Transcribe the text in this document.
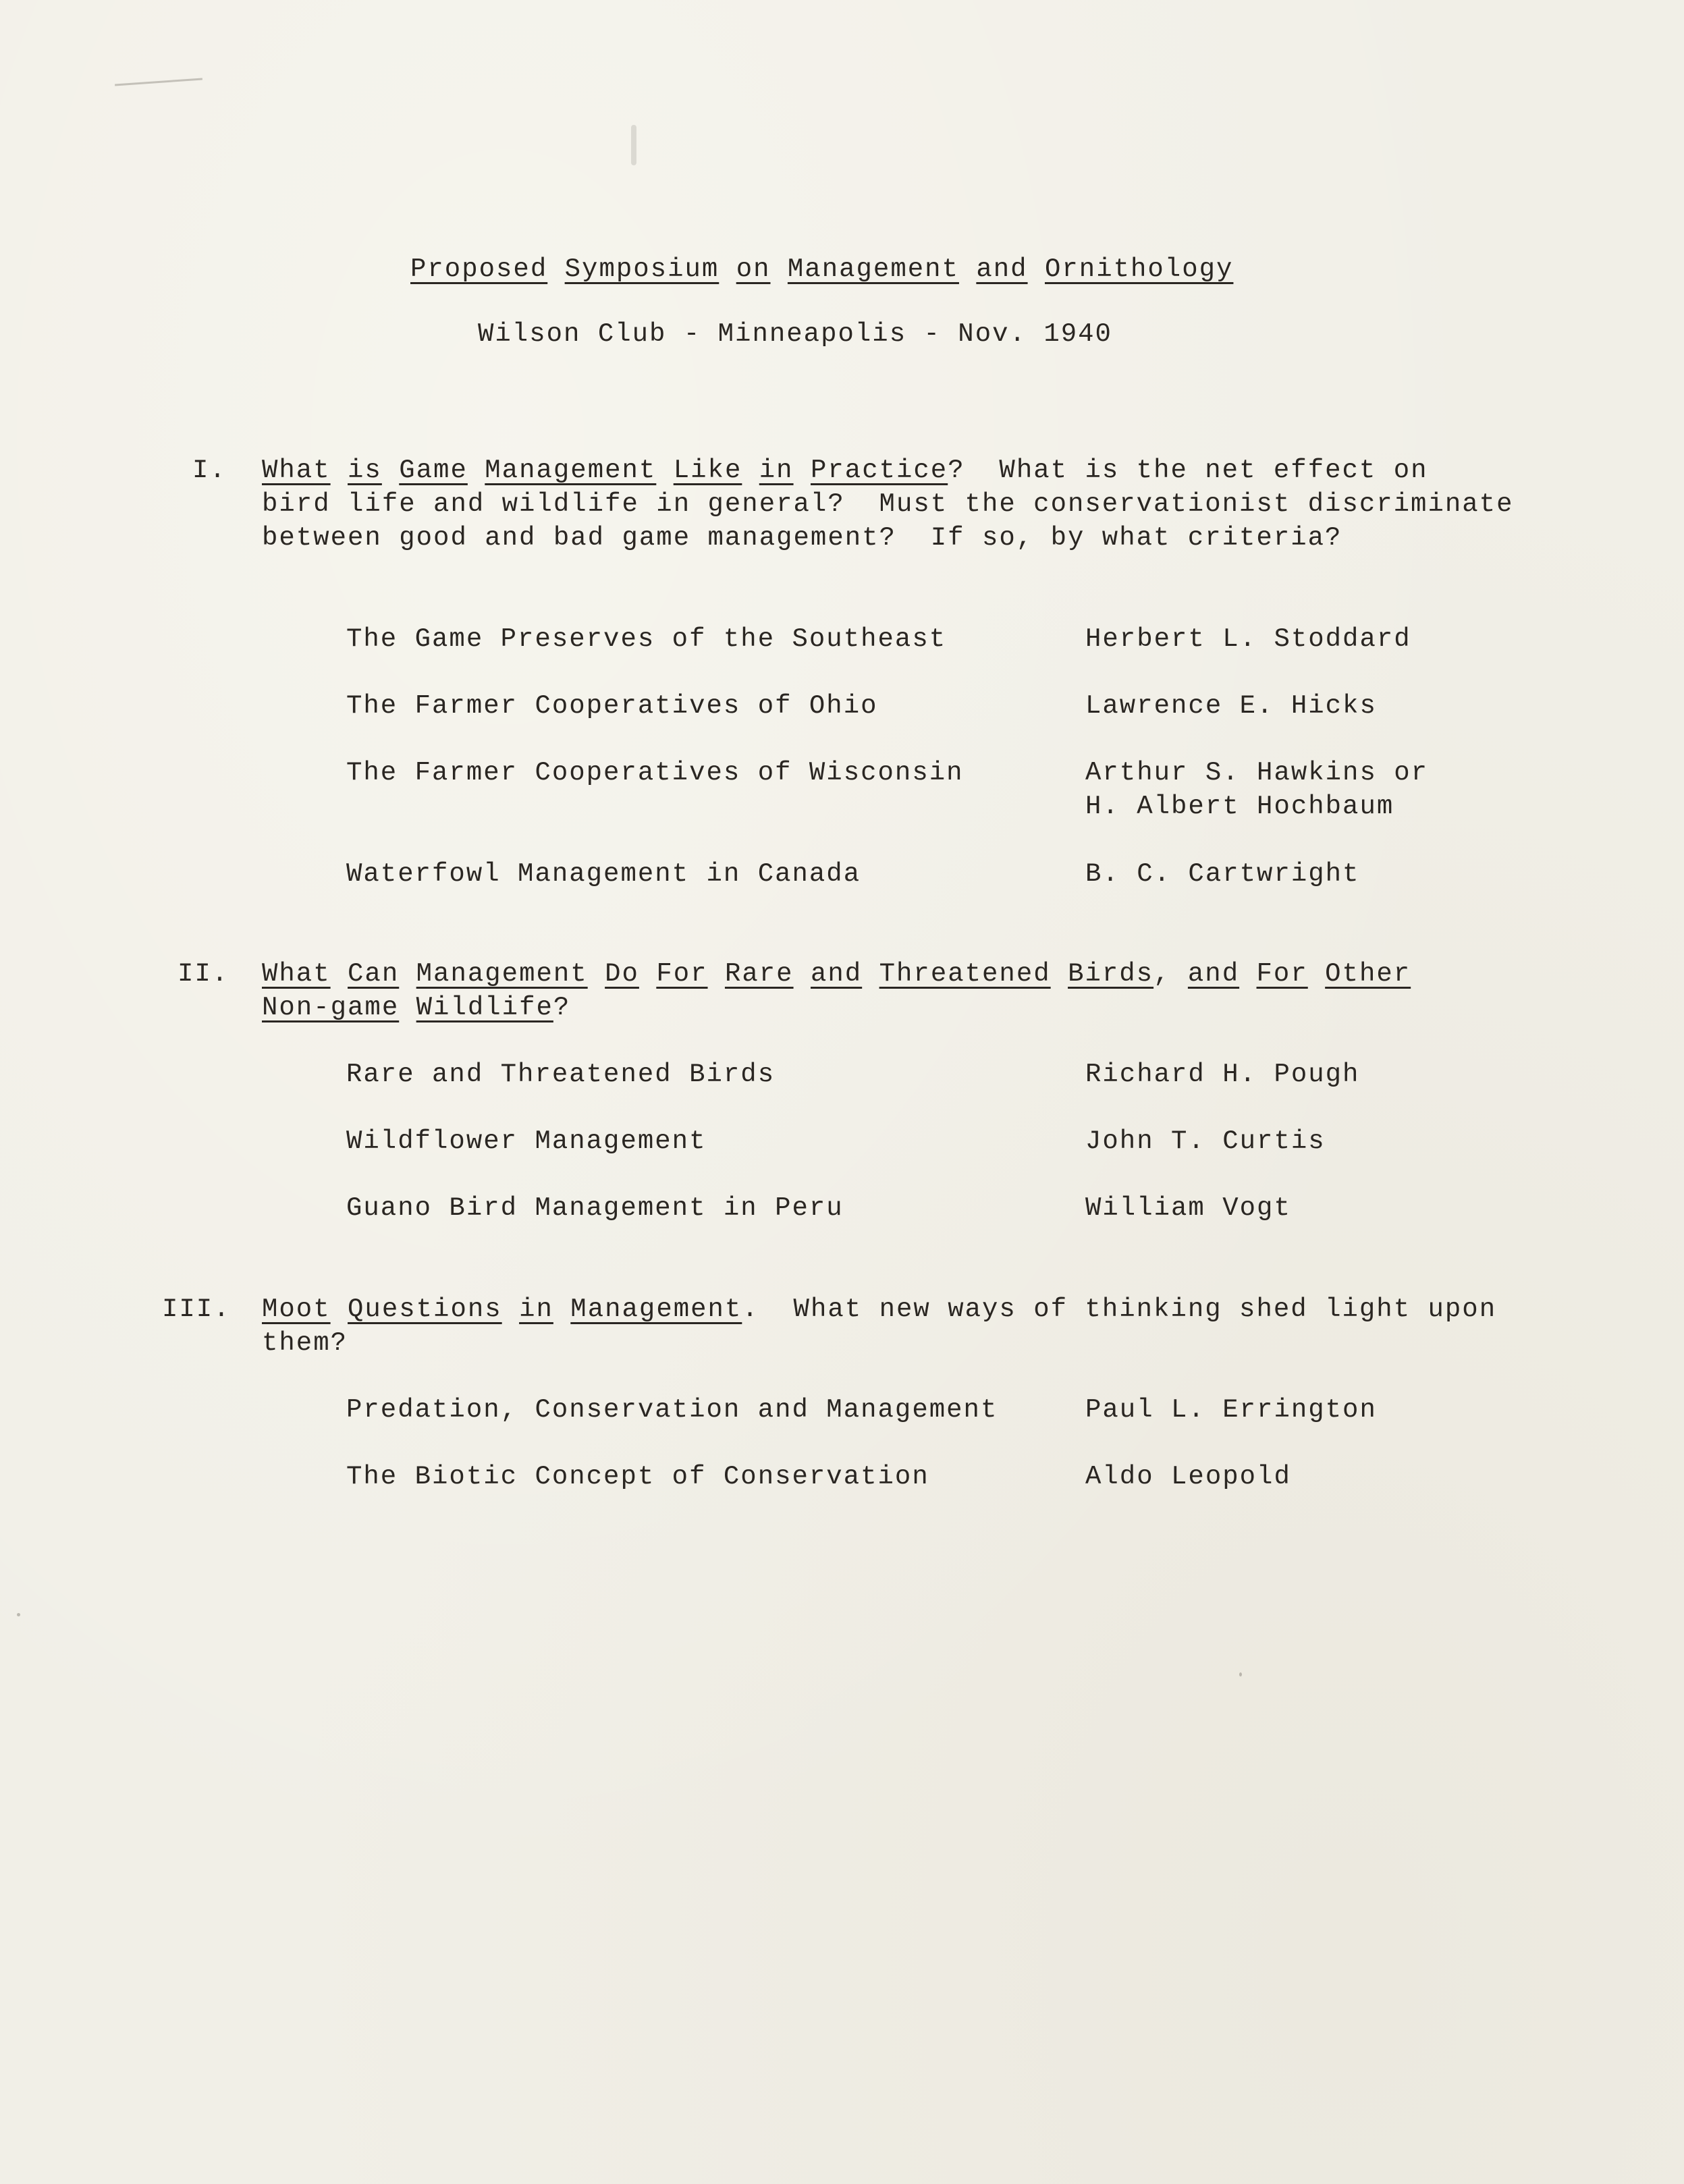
Proposed Symposium on Management and Ornithology
Wilson Club - Minneapolis - Nov. 1940
I. What is Game Management Like in Practice?  What is the net effect on
bird life and wildlife in general?  Must the conservationist discriminate
between good and bad game management?  If so, by what criteria?
The Game Preserves of the Southeast	Herbert L. Stoddard
The Farmer Cooperatives of Ohio	Lawrence E. Hicks
The Farmer Cooperatives of Wisconsin	Arthur S. Hawkins or
H. Albert Hochbaum
Waterfowl Management in Canada	B. C. Cartwright
II. What Can Management Do For Rare and Threatened Birds, and For Other
Non-game Wildlife?
Rare and Threatened Birds	Richard H. Pough
Wildflower Management	John T. Curtis
Guano Bird Management in Peru	William Vogt
III. Moot Questions in Management.  What new ways of thinking shed light upon
them?
Predation, Conservation and Management	Paul L. Errington
The Biotic Concept of Conservation	Aldo Leopold
